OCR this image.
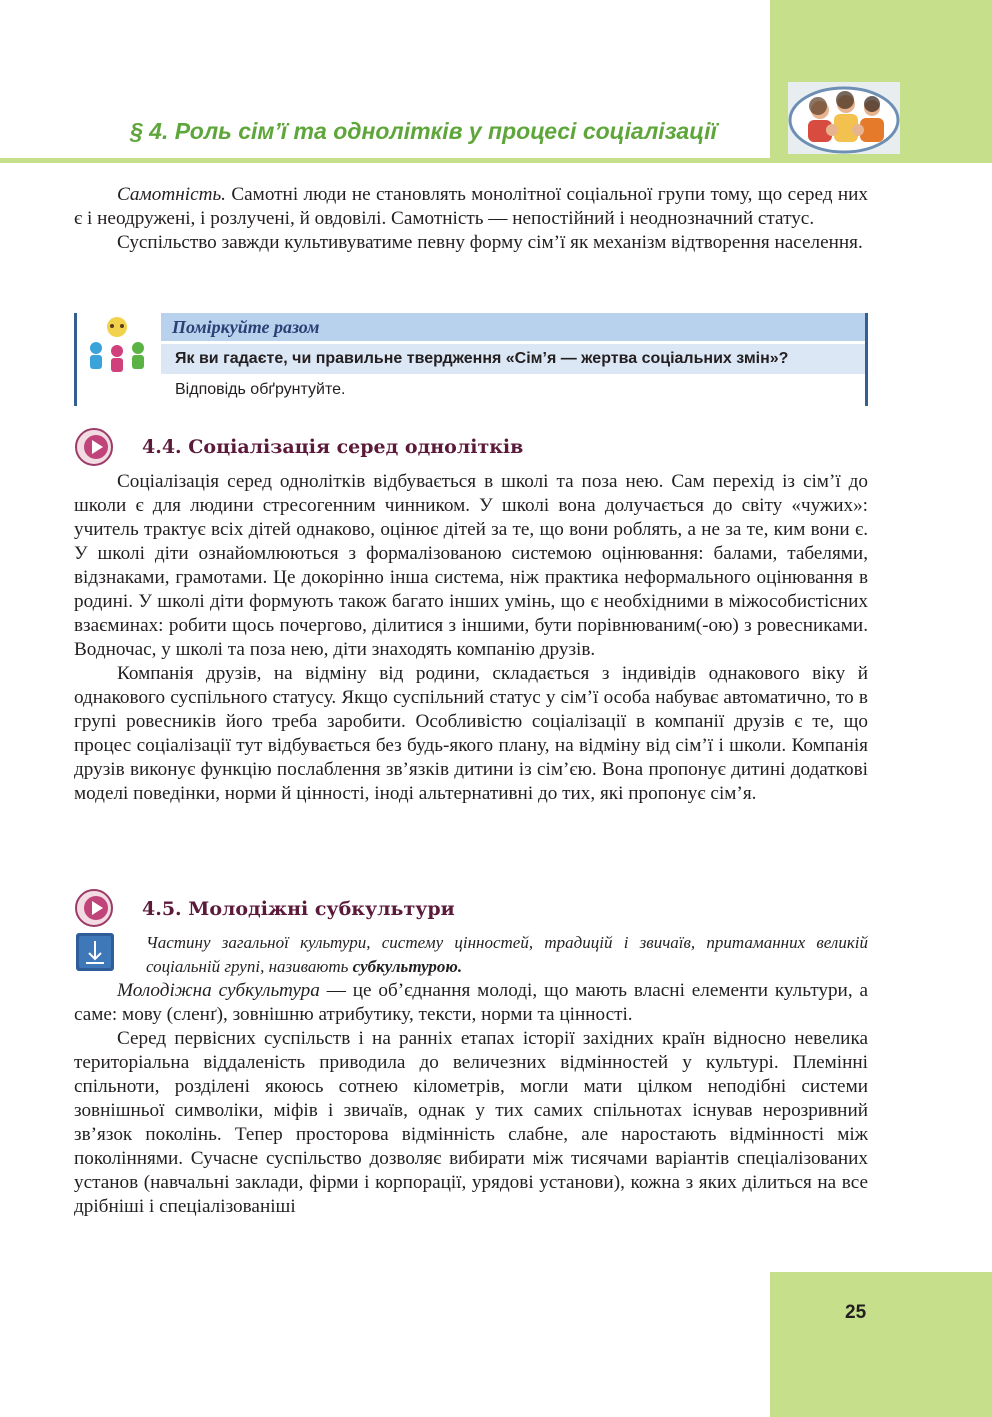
§ 4. Роль сім’ї та однолітків у процесі соціалізації

Самотність. Самотні люди не становлять монолітної соціальної групи тому, що серед них є і неодружені, і розлучені, й овдовілі. Самотність — непостійний і неоднозначний статус.

Суспільство завжди культивуватиме певну форму сім’ї як механізм відтворення населення.

Поміркуйте разом
Як ви гадаєте, чи правильне твердження «Сім’я — жертва соціальних змін»?
Відповідь обґрунтуйте.
4.4. Соціалізація серед однолітків

Соціалізація серед однолітків відбувається в школі та поза нею. Сам перехід із сім’ї до школи є для людини стресогенним чинником. У школі вона долучається до світу «чужих»: учитель трактує всіх дітей однаково, оцінює дітей за те, що вони роблять, а не за те, ким вони є. У школі діти ознайомлюються з формалізованою системою оцінювання: балами, табелями, відзнаками, грамотами. Це докорінно інша система, ніж практика неформального оцінювання в родині. У школі діти формують також багато інших умінь, що є необхідними в міжособистісних взаєминах: робити щось почергово, ділитися з іншими, бути порівнюваним(-ою) з ровесниками. Водночас, у школі та поза нею, діти знаходять компанію друзів.

Компанія друзів, на відміну від родини, складається з індивідів однакового віку й однакового суспільного статусу. Якщо суспільний статус у сім’ї особа набуває автоматично, то в групі ровесників його треба заробити. Особливістю соціалізації в компанії друзів є те, що процес соціалізації тут відбувається без будь-якого плану, на відміну від сім’ї і школи. Компанія друзів виконує функцію послаблення зв’язків дитини із сім’єю. Вона пропонує дитині додаткові моделі поведінки, норми й цінності, іноді альтернативні до тих, які пропонує сім’я.

4.5. Молодіжні субкультури
Частину загальної культури, систему цінностей, традицій і звичаїв, притаманних великій соціальній групі, називають субкультурою.

Молодіжна субкультура — це об’єднання молоді, що мають власні елементи культури, а саме: мову (сленґ), зовнішню атрибутику, тексти, норми та цінності.

Серед первісних суспільств і на ранніх етапах історії західних країн відносно невелика територіальна віддаленість приводила до величезних відмінностей у культурі. Племінні спільноти, розділені якоюсь сотнею кілометрів, могли мати цілком неподібні системи зовнішньої символіки, міфів і звичаїв, однак у тих самих спільнотах існував нерозривний зв’язок поколінь. Тепер просторова відмінність слабне, але наростають відмінності між поколіннями. Сучасне суспільство дозволяє вибирати між тисячами варіантів спеціалізованих установ (навчальні заклади, фірми і корпорації, урядові установи), кожна з яких ділиться на все дрібніші і спеціалізованіші

25
